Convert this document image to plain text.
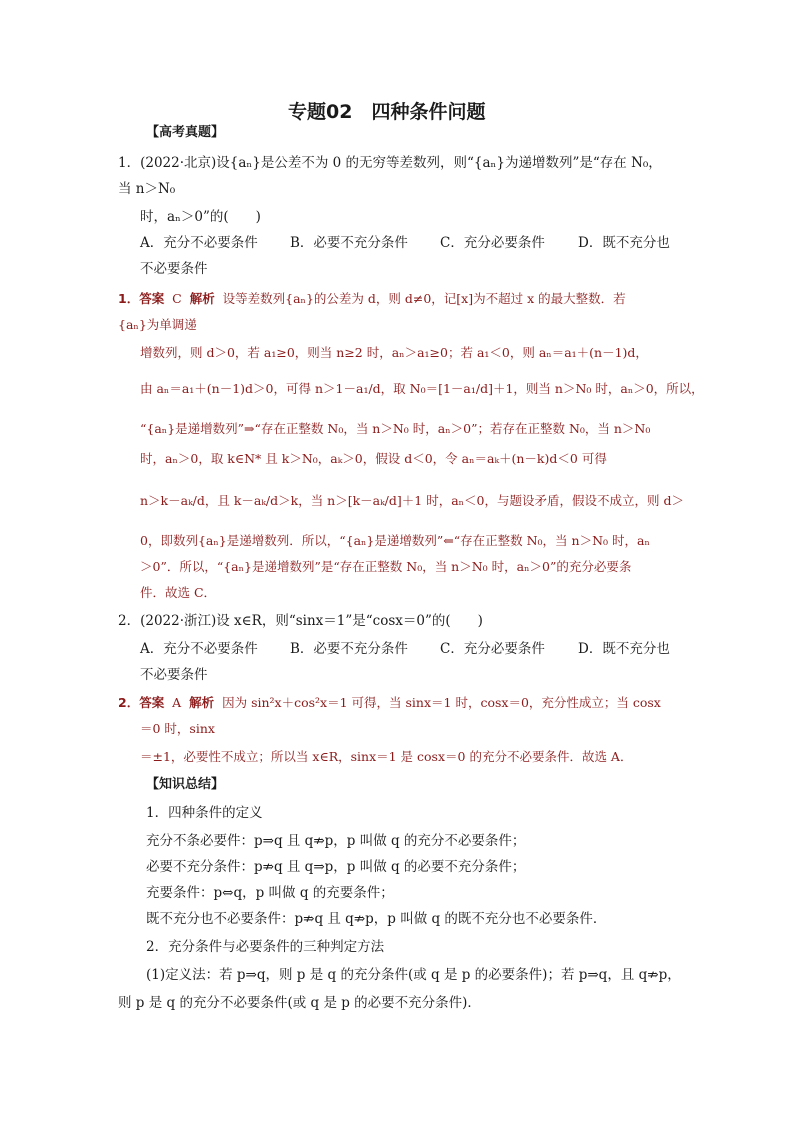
专题02　四种条件问题
【高考真题】
1．(2022·北京)设{aₙ}是公差不为 0 的无穷等差数列，则“{aₙ}为递增数列”是“存在 N₀，
当 n＞N₀
时，aₙ＞0”的(　　)
A．充分不必要条件 B．必要不充分条件 C．充分必要条件 D．既不充分也
不必要条件
1．答案 C 解析 设等差数列{aₙ}的公差为 d，则 d≠0，记[x]为不超过 x 的最大整数．若
{aₙ}为单调递
增数列，则 d＞0，若 a₁≥0，则当 n≥2 时，aₙ＞a₁≥0；若 a₁＜0，则 aₙ＝a₁＋(n－1)d，
由 aₙ＝a₁＋(n－1)d＞0，可得 n＞1－a₁/d，取 N₀＝[1－a₁/d]＋1，则当 n＞N₀ 时，aₙ＞0，所以，
“{aₙ}是递增数列”⇒“存在正整数 N₀，当 n＞N₀ 时，aₙ＞0”；若存在正整数 N₀，当 n＞N₀
时，aₙ＞0，取 k∈N* 且 k＞N₀，aₖ＞0，假设 d＜0，令 aₙ＝aₖ＋(n－k)d＜0 可得
n＞k－aₖ/d，且 k－aₖ/d＞k，当 n＞[k－aₖ/d]＋1 时，aₙ＜0，与题设矛盾，假设不成立，则 d＞
0，即数列{aₙ}是递增数列．所以，“{aₙ}是递增数列”⇐“存在正整数 N₀，当 n＞N₀ 时，aₙ
＞0”．所以，“{aₙ}是递增数列”是“存在正整数 N₀，当 n＞N₀ 时，aₙ＞0”的充分必要条
件．故选 C．
2．(2022·浙江)设 x∈R，则“sinx＝1”是“cosx＝0”的(　　)
A．充分不必要条件 B．必要不充分条件 C．充分必要条件 D．既不充分也
不必要条件
2．答案 A 解析 因为 sin²x＋cos²x＝1 可得，当 sinx＝1 时，cosx＝0，充分性成立；当 cosx
＝0 时，sinx
＝±1，必要性不成立；所以当 x∈R，sinx＝1 是 cosx＝0 的充分不必要条件．故选 A．
【知识总结】
1．四种条件的定义
充分不条必要件：p⇒q 且 q⇏p，p 叫做 q 的充分不必要条件；
必要不充分条件：p⇏q 且 q⇒p，p 叫做 q 的必要不充分条件；
充要条件：p⇔q，p 叫做 q 的充要条件；
既不充分也不必要条件：p⇏q 且 q⇏p，p 叫做 q 的既不充分也不必要条件．
2．充分条件与必要条件的三种判定方法
(1)定义法：若 p⇒q，则 p 是 q 的充分条件(或 q 是 p 的必要条件)；若 p⇒q，且 q⇏p，
则 p 是 q 的充分不必要条件(或 q 是 p 的必要不充分条件)．
